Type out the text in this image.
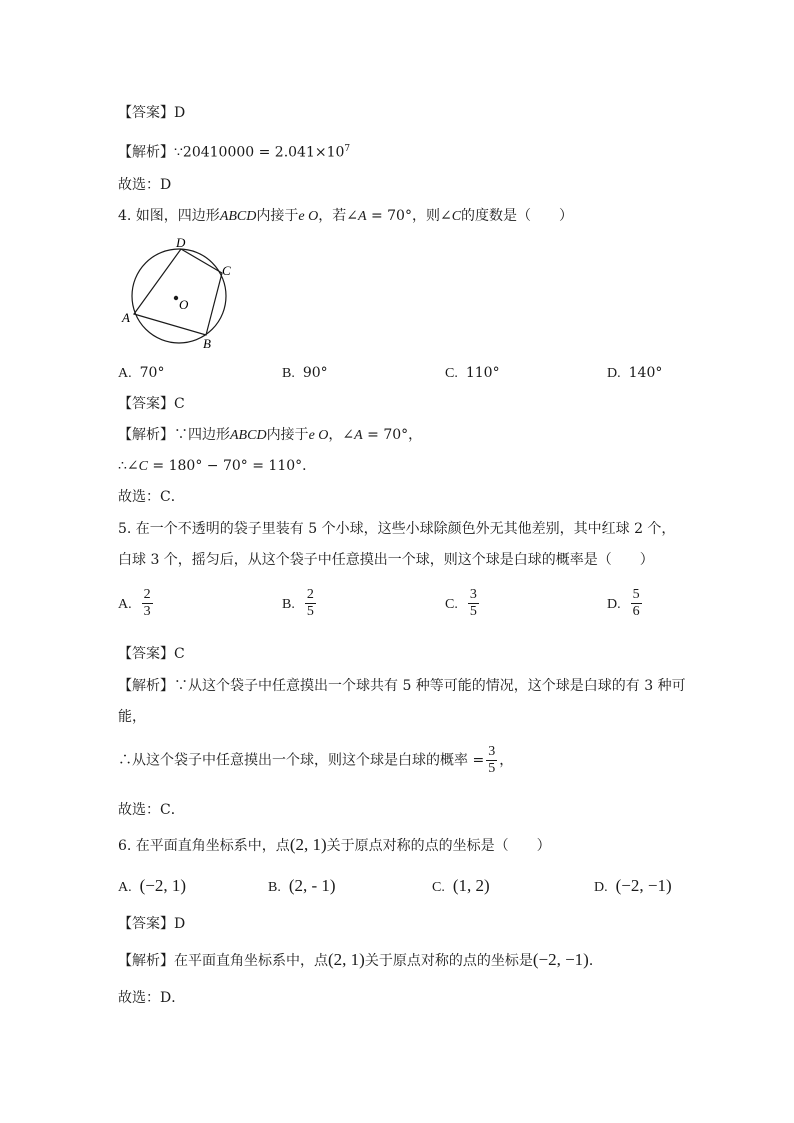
【答案】D
【解析】∵20410000 = $2.041\times 10^7$
故选：D
4. 如图，四边形ABCD内接于e O，若∠A = 70°，则∠C的度数是（　　）
D
C
O
A
B
A. 70°	B. 90°	C. 110°	D. 140°
【答案】C
【解析】∵四边形ABCD内接于e O，∠A = 70°，
∴∠C = 180° − 70° = 110°．
故选：C．
5. 在一个不透明的袋子里装有 5 个小球，这些小球除颜色外无其他差别，其中红球 2 个，
白球 3 个，摇匀后，从这个袋子中任意摸出一个球，则这个球是白球的概率是（　　）
A. $\frac{2}{3}$	B. $\frac{2}{5}$	C. $\frac{3}{5}$	D. $\frac{5}{6}$
【答案】C
【解析】∵从这个袋子中任意摸出一个球共有 5 种等可能的情况，这个球是白球的有 3 种可
能，
∴从这个袋子中任意摸出一个球，则这个球是白球的概率 = $\frac{3}{5}$ ，
故选：C．
6. 在平面直角坐标系中，点(2, 1)关于原点对称的点的坐标是（　　）
A. (−2, 1)	B. (2, - 1)	C. (1, 2)	D. (−2, −1)
【答案】D
【解析】在平面直角坐标系中，点(2, 1)关于原点对称的点的坐标是(−2, −1)．
故选：D．
